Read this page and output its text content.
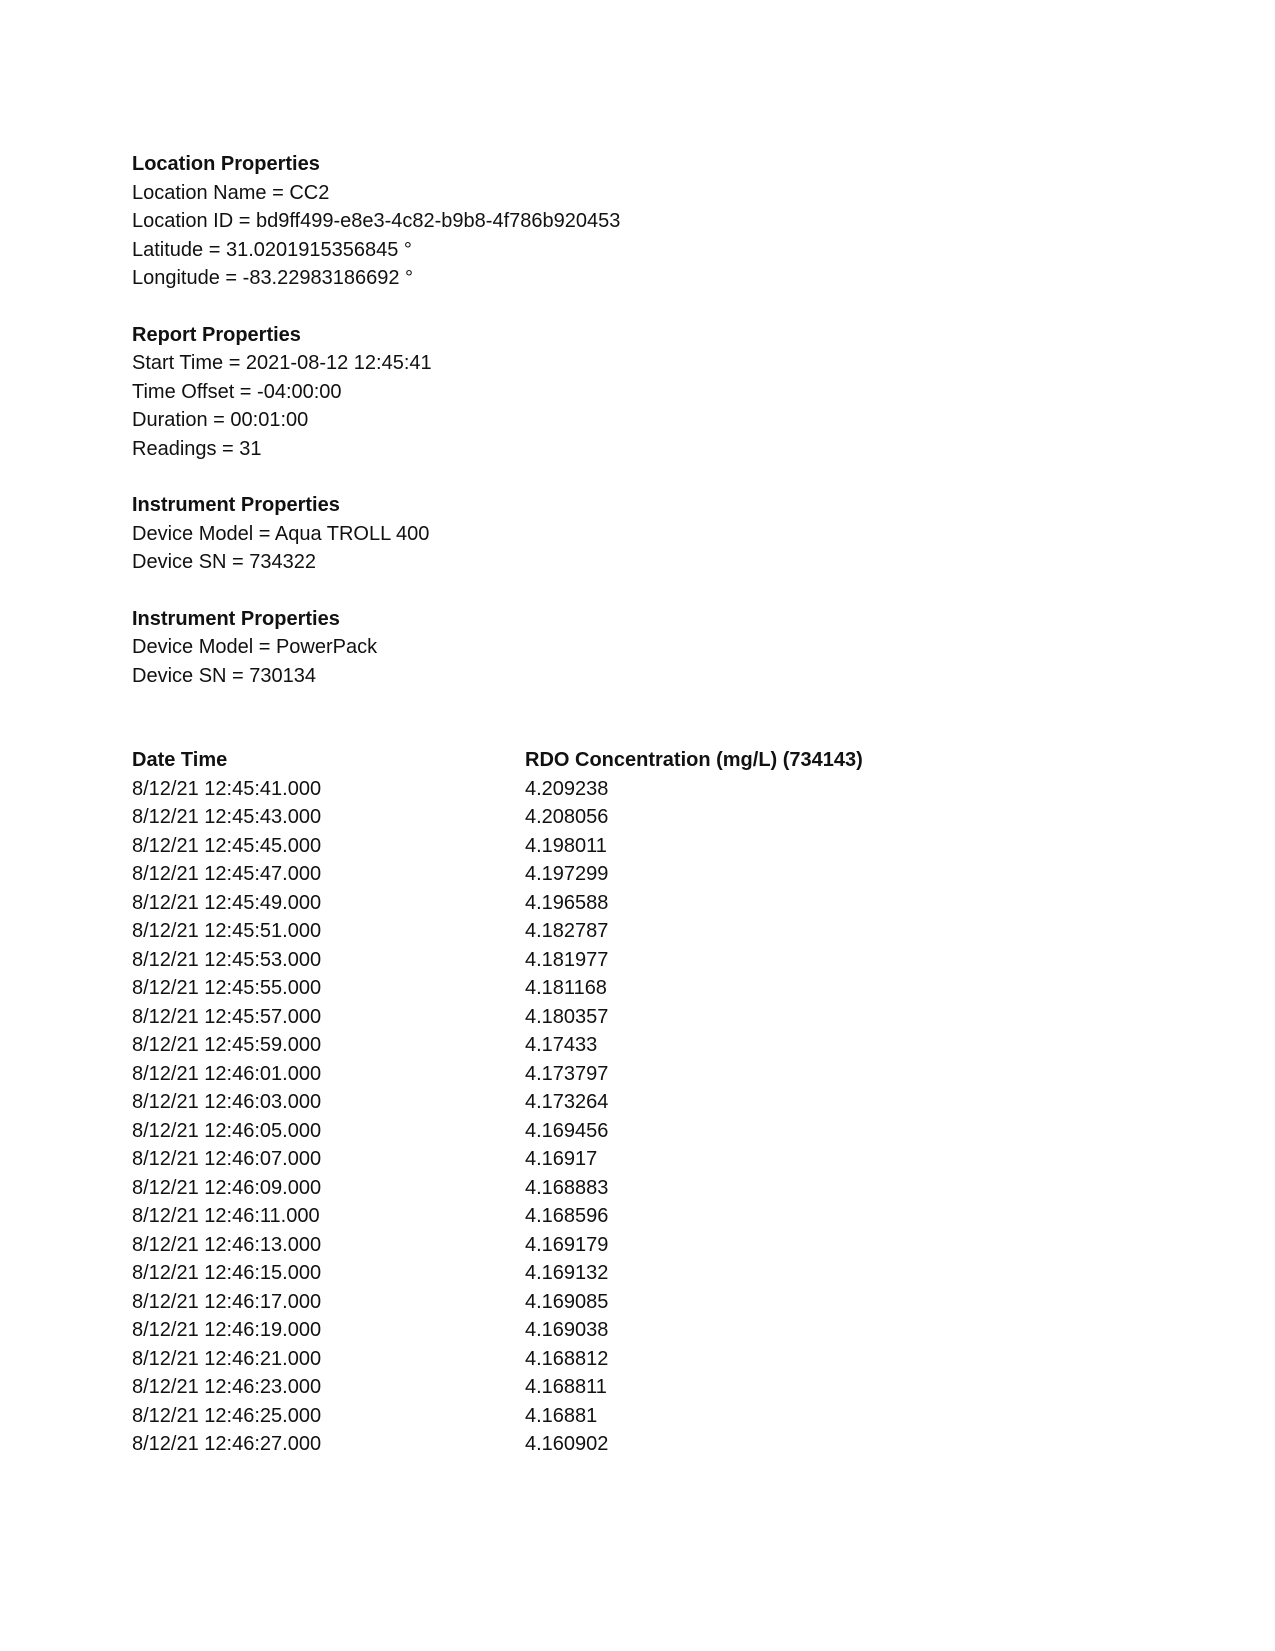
Location Properties
Location Name = CC2
Location ID = bd9ff499-e8e3-4c82-b9b8-4f786b920453
Latitude = 31.0201915356845 °
Longitude = -83.22983186692 °
Report Properties
Start Time = 2021-08-12 12:45:41
Time Offset = -04:00:00
Duration = 00:01:00
Readings = 31
Instrument Properties
Device Model = Aqua TROLL 400
Device SN = 734322
Instrument Properties
Device Model = PowerPack
Device SN = 730134
Date Time	RDO Concentration (mg/L) (734143)
8/12/21 12:45:41.000	4.209238
8/12/21 12:45:43.000	4.208056
8/12/21 12:45:45.000	4.198011
8/12/21 12:45:47.000	4.197299
8/12/21 12:45:49.000	4.196588
8/12/21 12:45:51.000	4.182787
8/12/21 12:45:53.000	4.181977
8/12/21 12:45:55.000	4.181168
8/12/21 12:45:57.000	4.180357
8/12/21 12:45:59.000	4.17433
8/12/21 12:46:01.000	4.173797
8/12/21 12:46:03.000	4.173264
8/12/21 12:46:05.000	4.169456
8/12/21 12:46:07.000	4.16917
8/12/21 12:46:09.000	4.168883
8/12/21 12:46:11.000	4.168596
8/12/21 12:46:13.000	4.169179
8/12/21 12:46:15.000	4.169132
8/12/21 12:46:17.000	4.169085
8/12/21 12:46:19.000	4.169038
8/12/21 12:46:21.000	4.168812
8/12/21 12:46:23.000	4.168811
8/12/21 12:46:25.000	4.16881
8/12/21 12:46:27.000	4.160902
